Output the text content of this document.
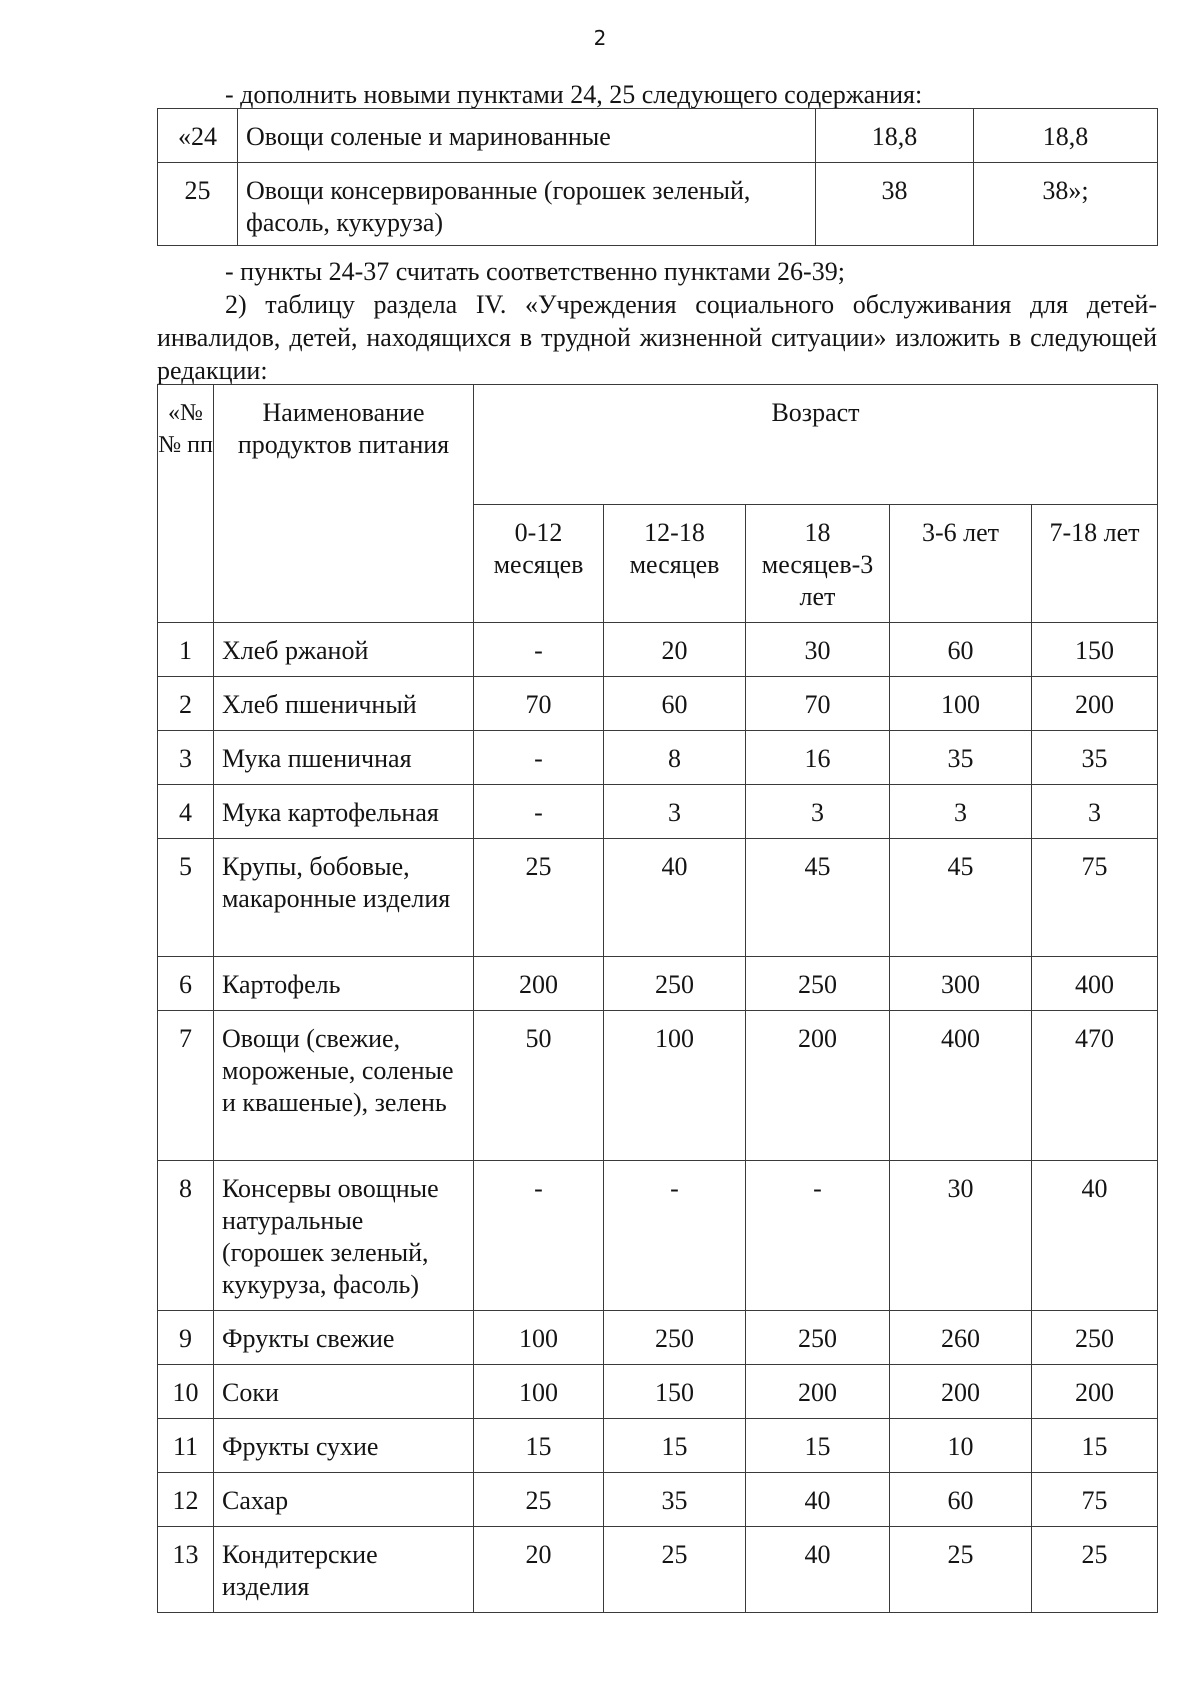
2
- дополнить новыми пунктами 24, 25 следующего содержания:
«24	Овощи соленые и маринованные	18,8	18,8
25	Овощи консервированные (горошек зеленый, фасоль, кукуруза)	38	38»;
- пункты 24-37 считать соответственно пунктами 26-39;
2) таблицу раздела IV. «Учреждения социального обслуживания для детей-инвалидов, детей, находящихся в трудной жизненной ситуации» изложить в следующей редакции:
«№ № пп	Наименование продуктов питания	Возраст				
		0-12 месяцев	12-18 месяцев	18 месяцев-3 лет	3-6 лет	7-18 лет
1	Хлеб ржаной	-	20	30	60	150
2	Хлеб пшеничный	70	60	70	100	200
3	Мука пшеничная	-	8	16	35	35
4	Мука картофельная	-	3	3	3	3
5	Крупы, бобовые, макаронные изделия	25	40	45	45	75
6	Картофель	200	250	250	300	400
7	Овощи (свежие, мороженые, соленые и квашеные), зелень	50	100	200	400	470
8	Консервы овощные натуральные (горошек зеленый, кукуруза, фасоль)	-	-	-	30	40
9	Фрукты свежие	100	250	250	260	250
10	Соки	100	150	200	200	200
11	Фрукты сухие	15	15	15	10	15
12	Сахар	25	35	40	60	75
13	Кондитерские изделия	20	25	40	25	25
